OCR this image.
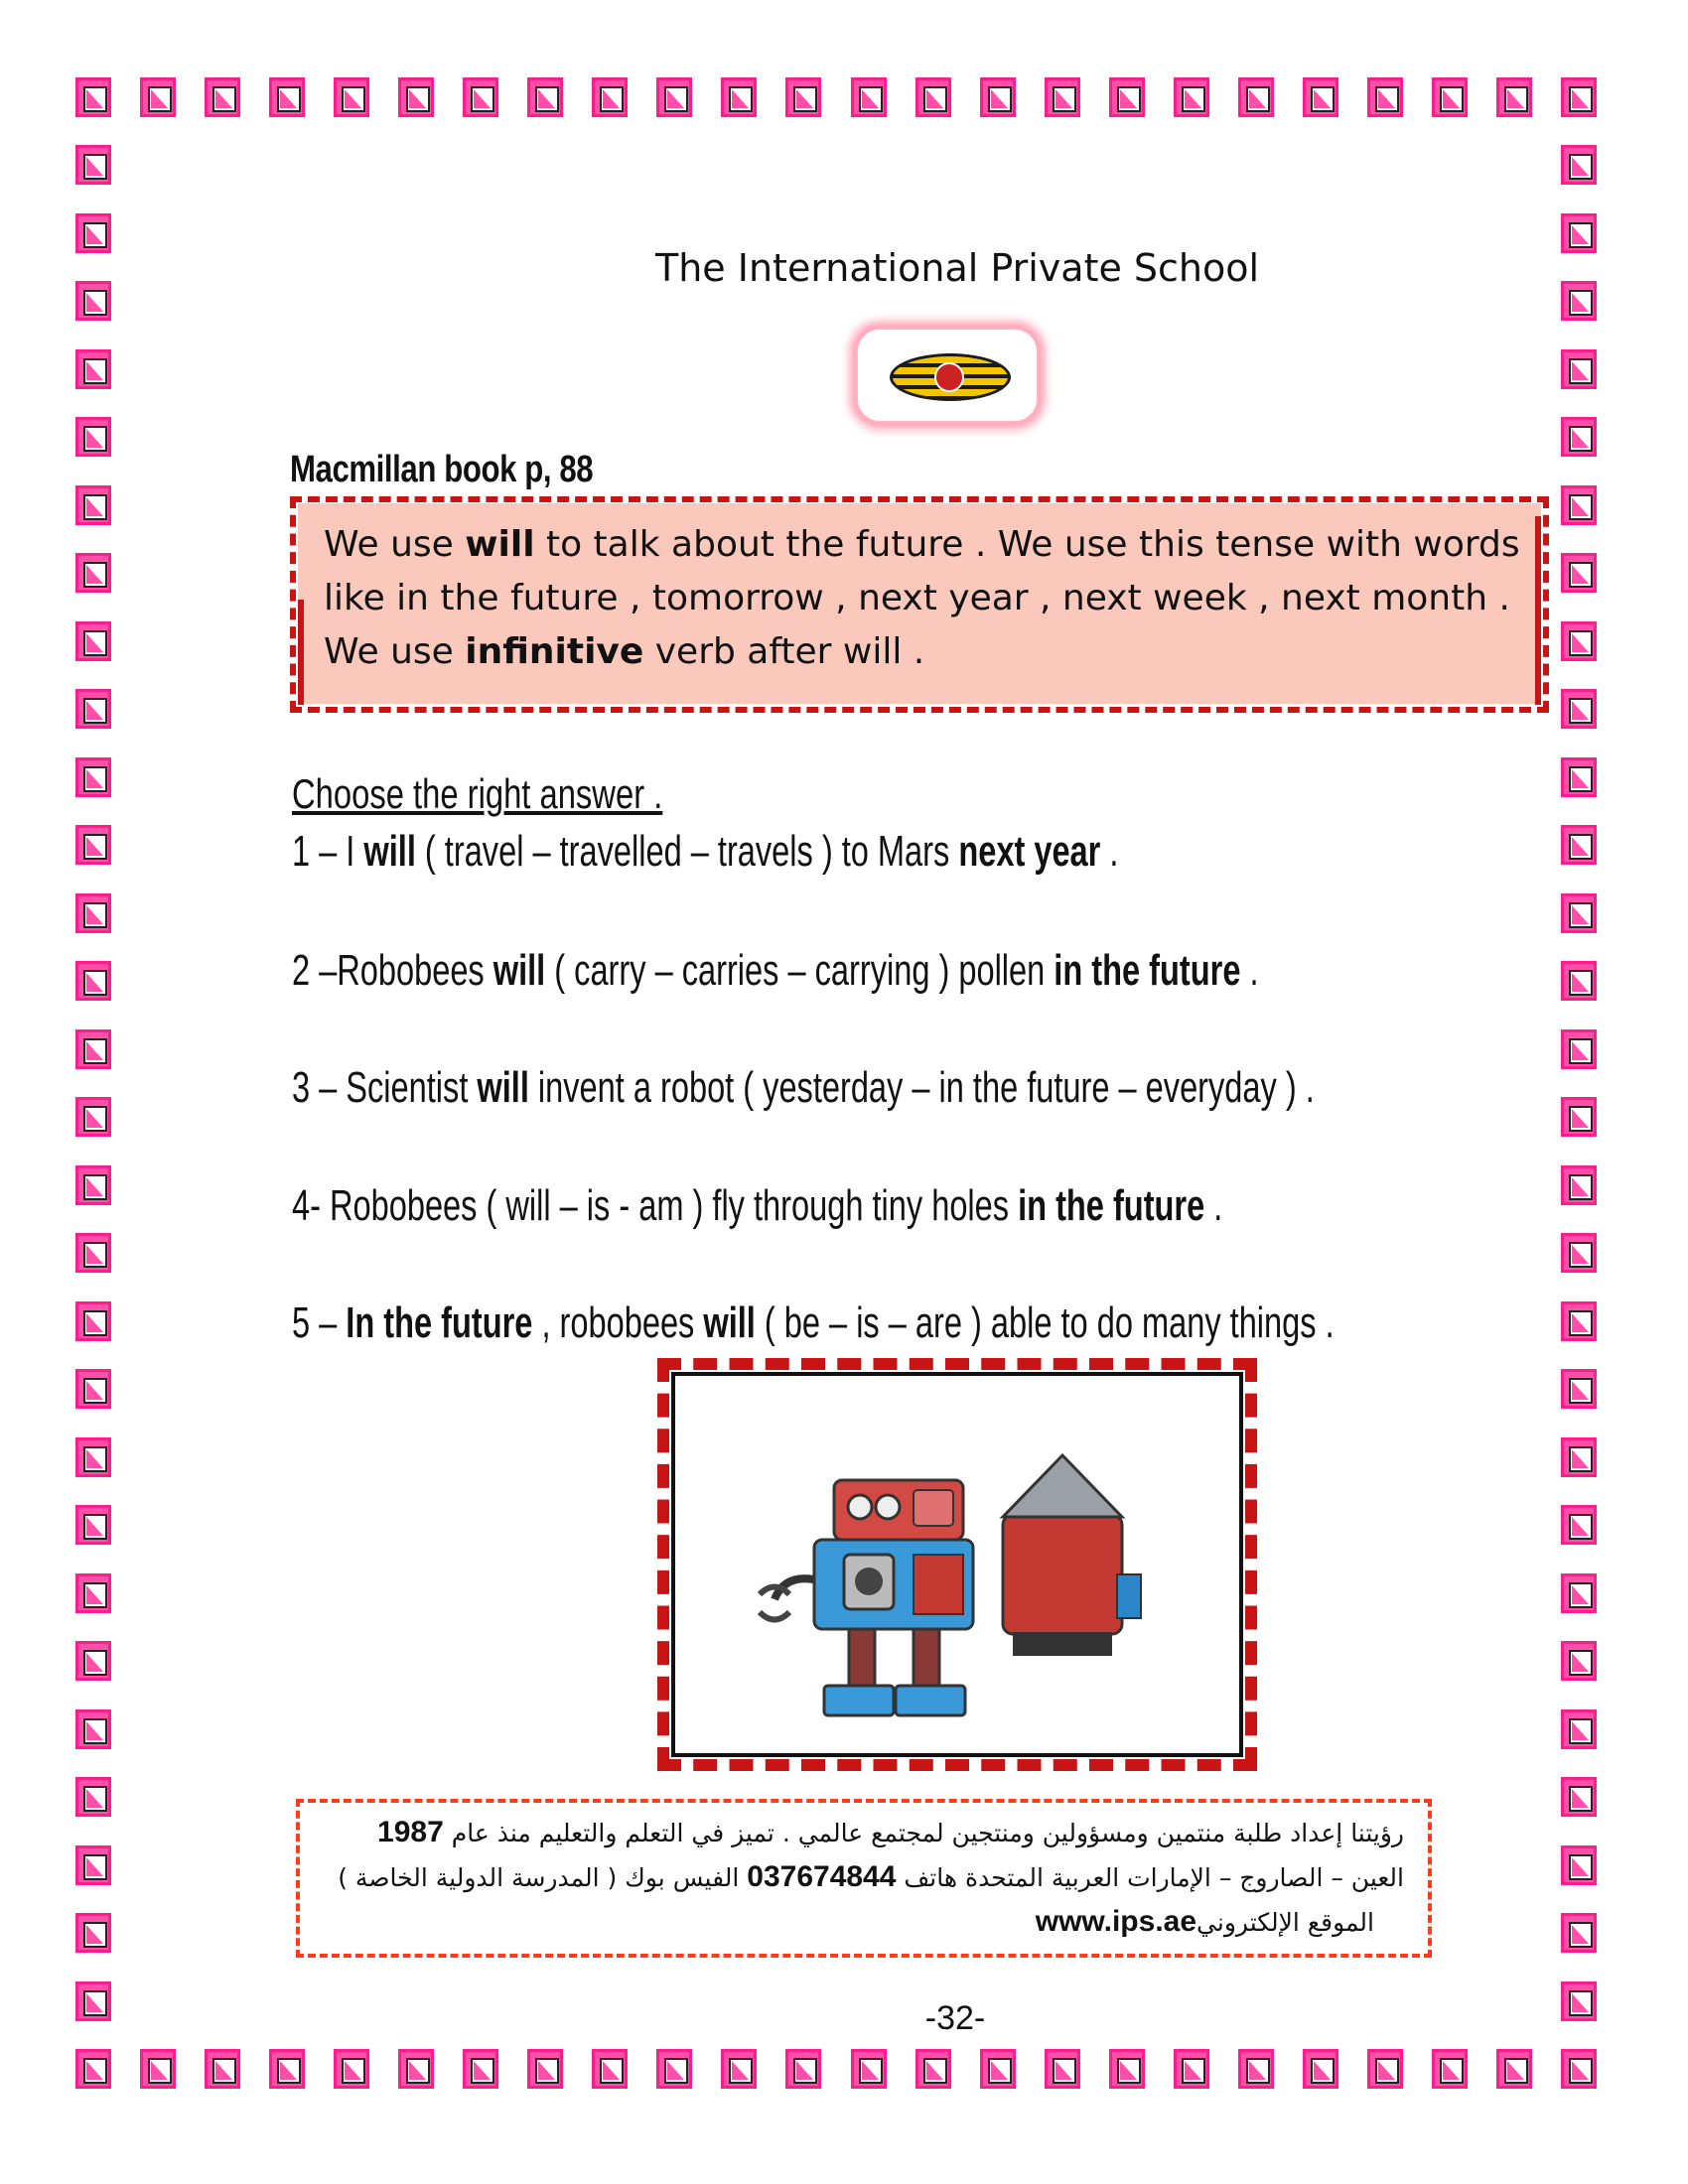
The International Private School
Macmillan book p, 88
We use will to talk about the future . We use this tense with words like in the future , tomorrow , next year , next week , next month . We use infinitive verb after will .
Choose the right answer .
1 – I will ( travel – travelled – travels ) to Mars next year .
2 –Robobees will ( carry – carries – carrying ) pollen in the future .
3 – Scientist will invent a robot ( yesterday – in the future – everyday ) .
4- Robobees ( will – is - am ) fly through tiny holes in the future .
5 – In the future , robobees will ( be – is – are ) able to do many things .
رؤيتنا إعداد طلبة منتمين ومسؤولين ومنتجين لمجتمع عالمي . تميز في التعلم والتعليم منذ عام 1987
العين – الصاروج – الإمارات العربية المتحدة هاتف 037674844 الفيس بوك ( المدرسة الدولية الخاصة )
الموقع الإلكترونيwww.ips.ae
-32-
